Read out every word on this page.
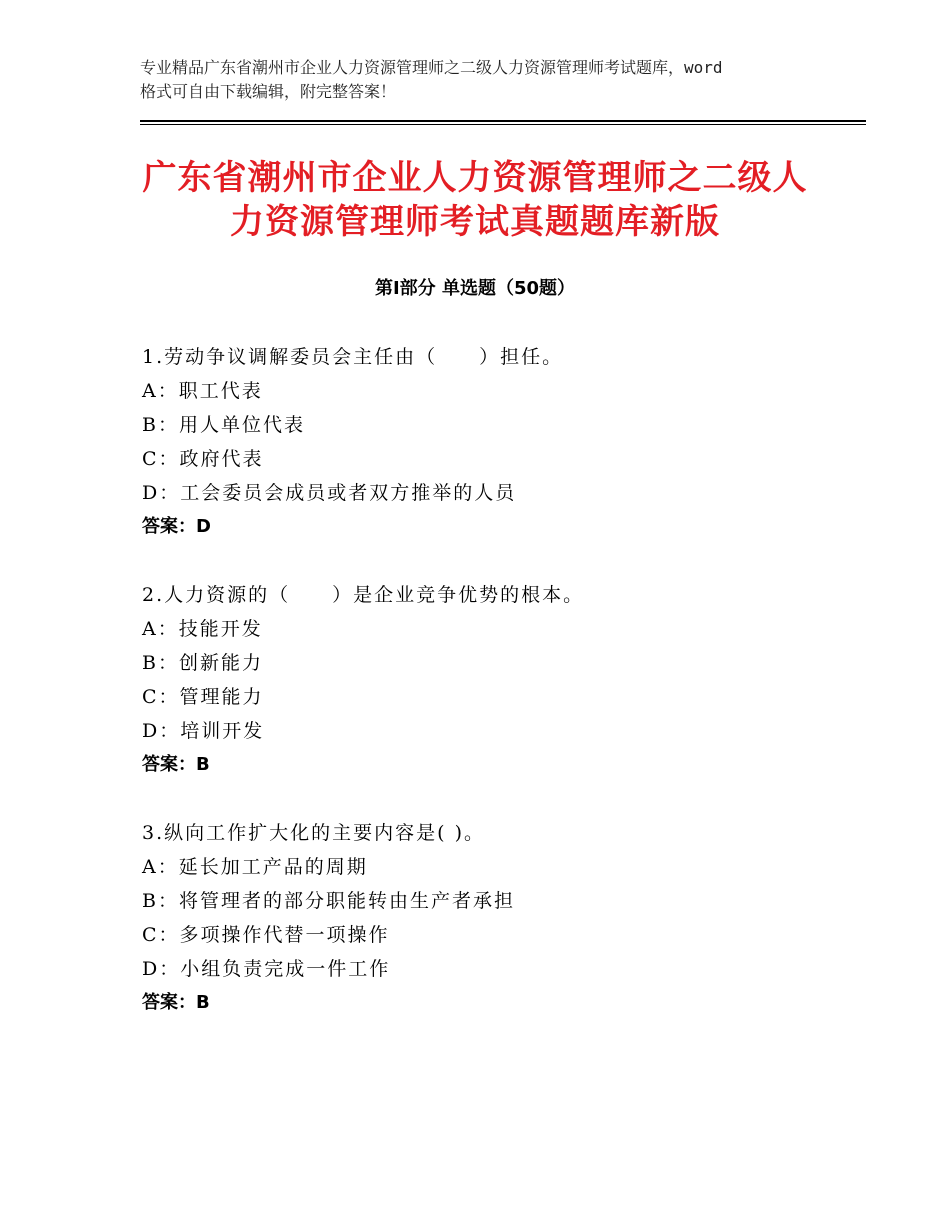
专业精品广东省潮州市企业人力资源管理师之二级人力资源管理师考试题库，word
格式可自由下载编辑，附完整答案！
广东省潮州市企业人力资源管理师之二级人
力资源管理师考试真题题库新版
第Ⅰ部分 单选题（50题）
1.劳动争议调解委员会主任由（　　）担任。
A：职工代表
B：用人单位代表
C：政府代表
D：工会委员会成员或者双方推举的人员
答案：D
2.人力资源的（　　）是企业竞争优势的根本。
A：技能开发
B：创新能力
C：管理能力
D：培训开发
答案：B
3.纵向工作扩大化的主要内容是( )。
A：延长加工产品的周期
B：将管理者的部分职能转由生产者承担
C：多项操作代替一项操作
D：小组负责完成一件工作
答案：B
